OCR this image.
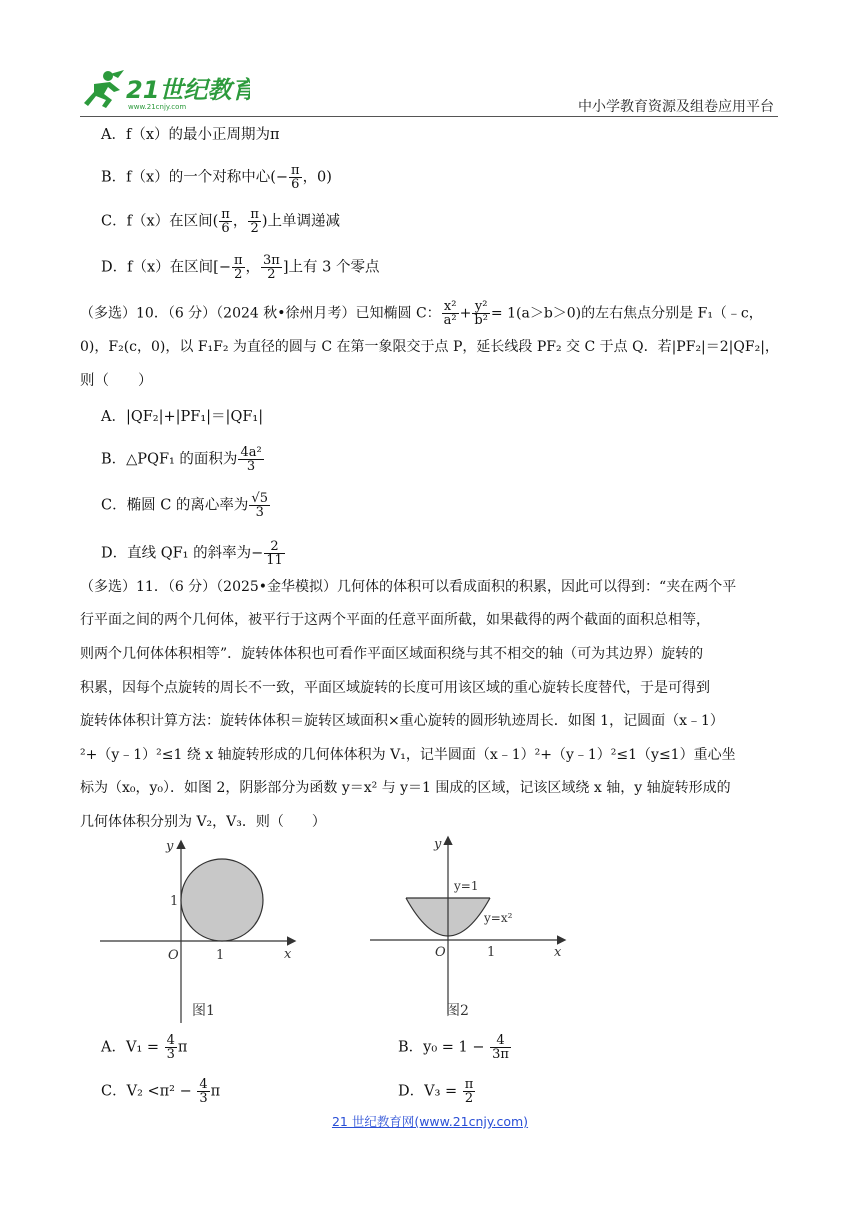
21世纪教育
www.21cnjy.com	中小学教育资源及组卷应用平台
A．f（x）的最小正周期为π
B．f（x）的一个对称中心(− $\frac{\pi}{6}$ ，0)
C．f（x）在区间( $\frac{\pi}{6}$ ， $\frac{\pi}{2}$ )上单调递减
D．f（x）在区间[− $\frac{\pi}{2}$ ， $\frac{3\pi}{2}$ ]上有 3 个零点
（多选）10．（6 分）（2024 秋•徐州月考）已知椭圆 C： $\frac{\text{x²}}{\text{a²}} + \frac{\text{y²}}{\text{b²}} = 1(a>b>0)$的左右焦点分别是 F₁（﹣c，
0)，F₂(c，0)，以 F₁F₂ 为直径的圆与 C 在第一象限交于点 P，延长线段 PF₂ 交 C 于点 Q．若|PF₂|＝2|QF₂|，
则（　　）
A．|QF₂|+|PF₁|＝|QF₁|
B．△PQF₁ 的面积为 $\frac{\text{4a²}}{3}$
C．椭圆 C 的离心率为 $\frac{√5}{3}$
D．直线 QF₁ 的斜率为− $\frac{2}{11}$
（多选）11．（6 分）（2025•金华模拟）几何体的体积可以看成面积的积累，因此可以得到：“夹在两个平
行平面之间的两个几何体，被平行于这两个平面的任意平面所截，如果截得的两个截面的面积总相等，
则两个几何体体积相等”．旋转体体积也可看作平面区域面积绕与其不相交的轴（可为其边界）旋转的
积累，因每个点旋转的周长不一致，平面区域旋转的长度可用该区域的重心旋转长度替代，于是可得到
旋转体体积计算方法：旋转体体积＝旋转区域面积×重心旋转的圆形轨迹周长．如图 1，记圆面（x﹣1）
²+（y﹣1）²≤1 绕 x 轴旋转形成的几何体体积为 V₁，记半圆面（x﹣1）²+（y﹣1）²≤1（y≤1）重心坐
标为（x₀，y₀）．如图 2，阴影部分为函数 y＝x² 与 y＝1 围成的区域，记该区域绕 x 轴，y 轴旋转形成的
几何体体积分别为 V₂，V₃．则（　　）
y
x
O	1
1
图1
y
x
O	1
y=1
y=x²
图2
A．$V_1 = \frac{4}{3}$ π	B．$y_0 = 1 - \frac{4}{3\pi}$
C．$V_2 <\pi^2 - \frac{4}{3}$ π	D．$V_3 = \frac{\pi}{2}$
21 世纪教育网(www.21cnjy.com)
